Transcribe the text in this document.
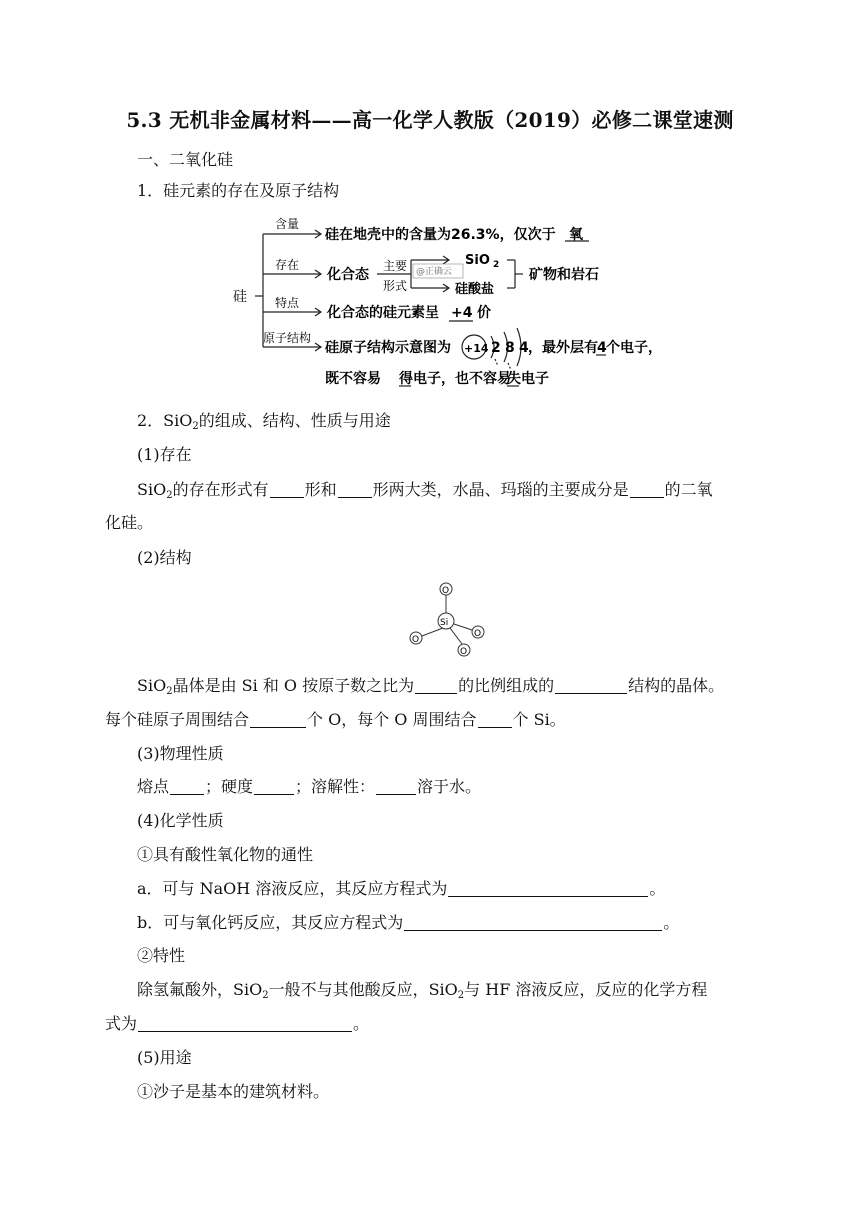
5.3 无机非金属材料——高一化学人教版（2019）必修二课堂速测
一、二氧化硅
1．硅元素的存在及原子结构
硅
含量
硅在地壳中的含量为26.3%，仅次于 氧
存在
化合态
主要
形式
@正确云
SiO 2
硅酸盐
矿物和岩石
特点
化合态的硅元素呈 +4 价
原子结构
硅原子结构示意图为 +14 2 8 4 ，最外层有 4 个电子，
既不容易 得 电子，也不容易
失 电子
2．SiO$_2$的组成、结构、性质与用途
(1)存在
SiO$_2$的存在形式有 形和 形两大类，水晶、玛瑙的主要成分是 的二氧
化硅。
(2)结构
O
Si
O
O
O
SiO$_2$晶体是由 Si 和 O 按原子数之比为	的比例组成的	结构的晶体。
每个硅原子周围结合	个 O，每个 O 周围结合 个 Si。
(3)物理性质
熔点 ；硬度	；溶解性：	溶于水。
(4)化学性质
①具有酸性氧化物的通性
a．可与 NaOH 溶液反应，其反应方程式为	。
b．可与氧化钙反应，其反应方程式为	。
②特性
除氢氟酸外，SiO$_2$一般不与其他酸反应，SiO$_2$与 HF 溶液反应，反应的化学方程
式为	。
(5)用途
①沙子是基本的建筑材料。
